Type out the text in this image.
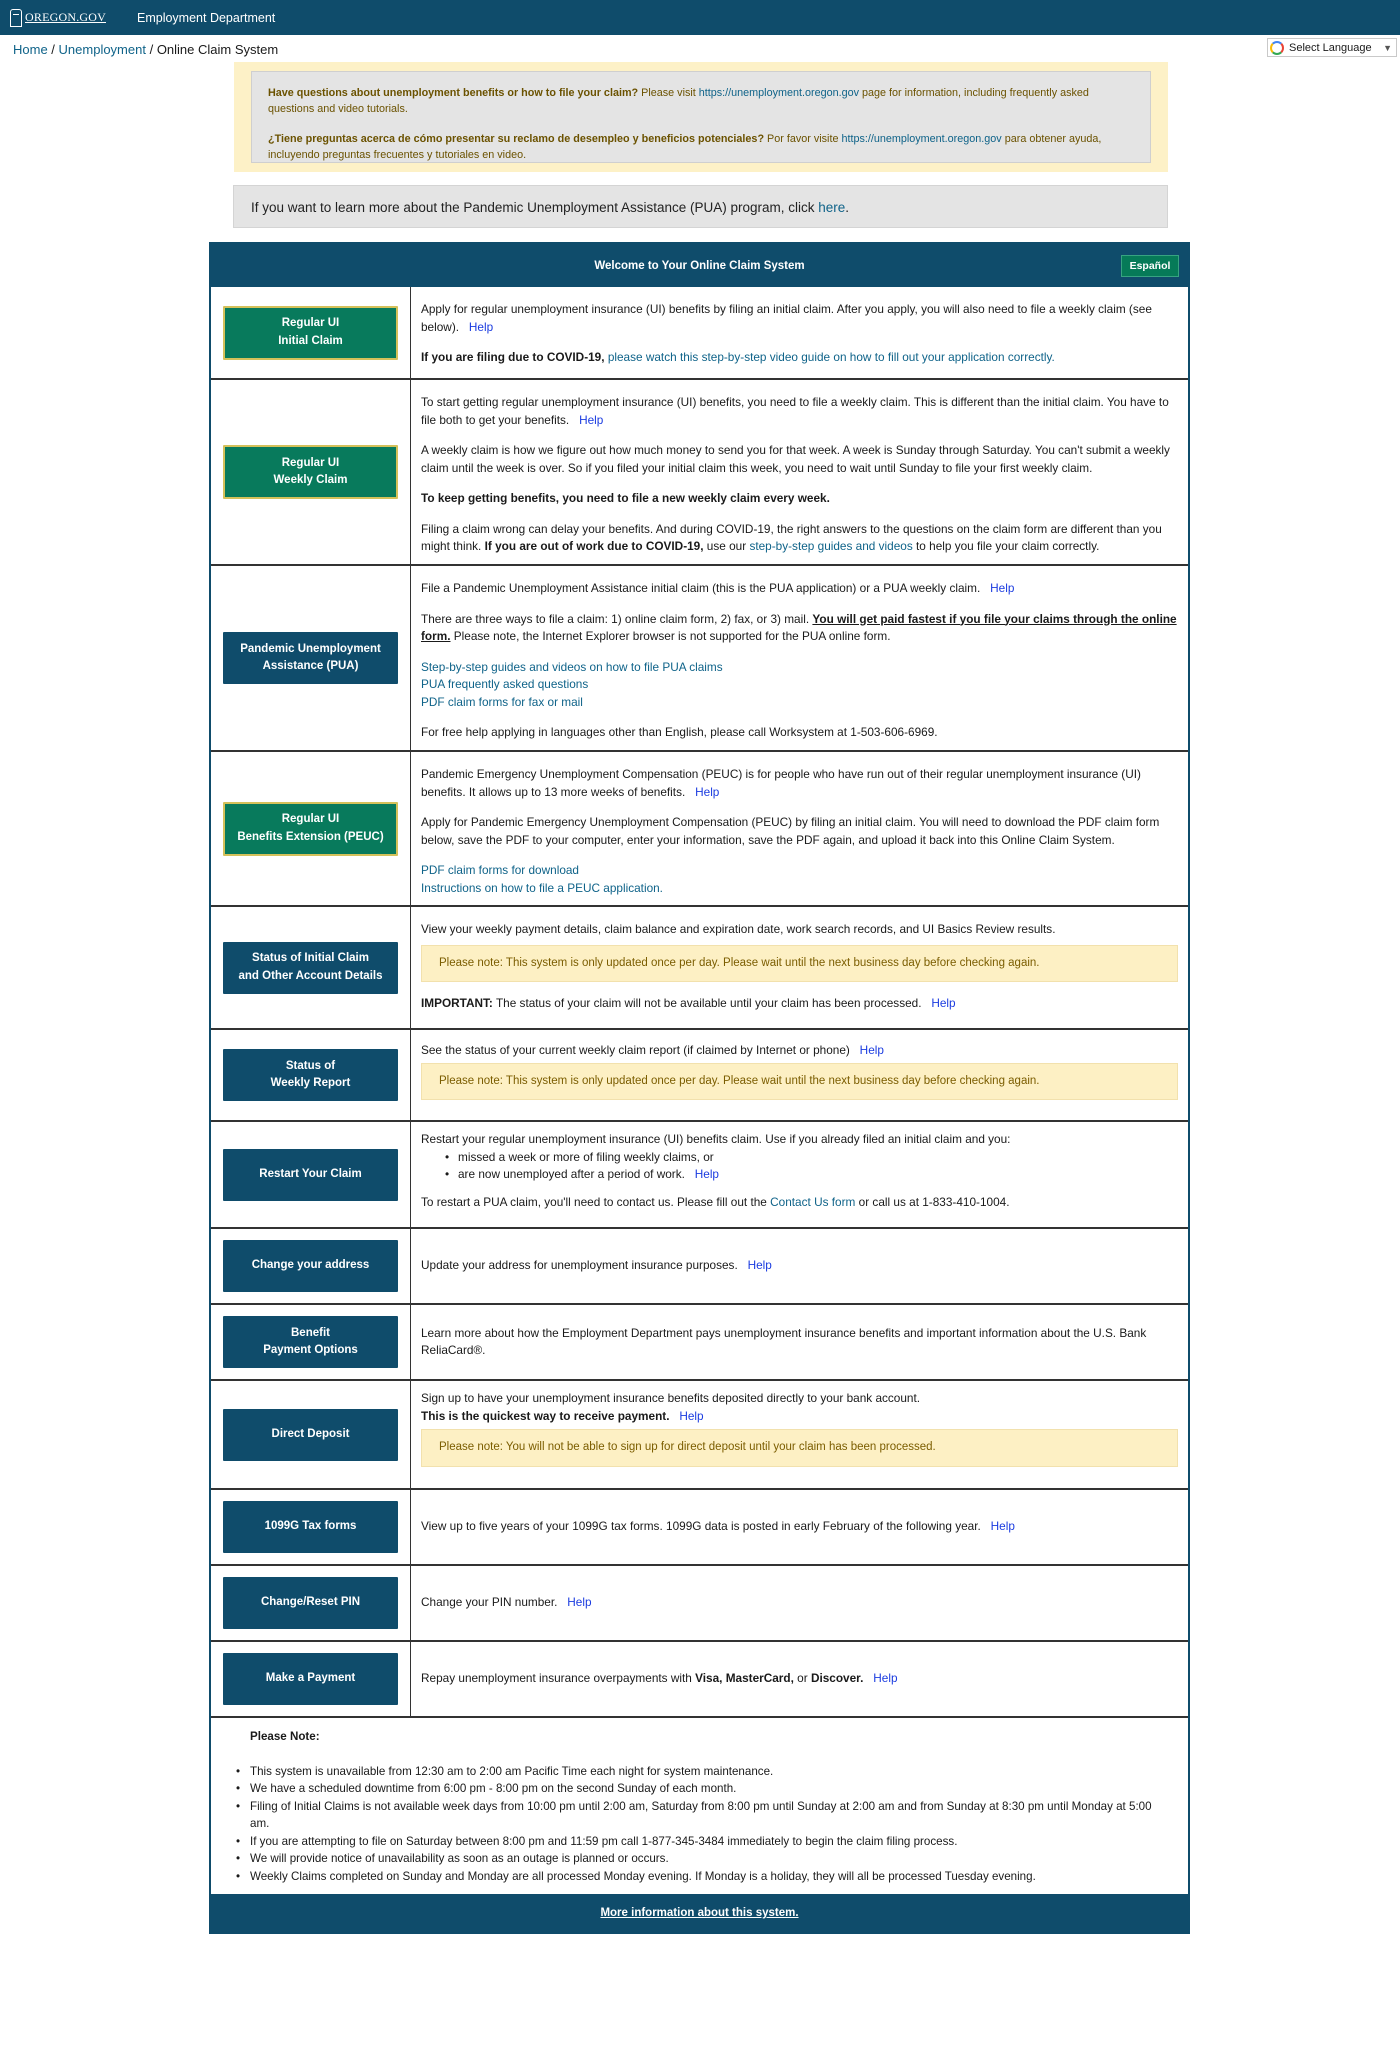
OREGON.GOV Employment Department
Home / Unemployment / Online Claim System	Select Language ▼

Have questions about unemployment benefits or how to file your claim? Please visit https://unemployment.oregon.gov page for information, including frequently asked questions and video tutorials.

¿Tiene preguntas acerca de cómo presentar su reclamo de desempleo y beneficios potenciales? Por favor visite https://unemployment.oregon.gov para obtener ayuda, incluyendo preguntas frecuentes y tutoriales en video.

If you want to learn more about the Pandemic Unemployment Assistance (PUA) program, click here.
Welcome to Your Online Claim System	Español
Regular UI
Initial Claim

Apply for regular unemployment insurance (UI) benefits by filing an initial claim. After you apply, you will also need to file a weekly claim (see below). Help

If you are filing due to COVID-19, please watch this step-by-step video guide on how to fill out your application correctly.

Regular UI
Weekly Claim

To start getting regular unemployment insurance (UI) benefits, you need to file a weekly claim. This is different than the initial claim. You have to file both to get your benefits. Help

A weekly claim is how we figure out how much money to send you for that week. A week is Sunday through Saturday. You can't submit a weekly claim until the week is over. So if you filed your initial claim this week, you need to wait until Sunday to file your first weekly claim.

To keep getting benefits, you need to file a new weekly claim every week.

Filing a claim wrong can delay your benefits. And during COVID-19, the right answers to the questions on the claim form are different than you might think. If you are out of work due to COVID-19, use our step-by-step guides and videos to help you file your claim correctly.

Pandemic Unemployment
Assistance (PUA)

File a Pandemic Unemployment Assistance initial claim (this is the PUA application) or a PUA weekly claim. Help

There are three ways to file a claim: 1) online claim form, 2) fax, or 3) mail. You will get paid fastest if you file your claims through the online form. Please note, the Internet Explorer browser is not supported for the PUA online form.

Step-by-step guides and videos on how to file PUA claims
PUA frequently asked questions
PDF claim forms for fax or mail

For free help applying in languages other than English, please call Worksystem at 1-503-606-6969.

Regular UI
Benefits Extension (PEUC)

Pandemic Emergency Unemployment Compensation (PEUC) is for people who have run out of their regular unemployment insurance (UI) benefits. It allows up to 13 more weeks of benefits. Help

Apply for Pandemic Emergency Unemployment Compensation (PEUC) by filing an initial claim. You will need to download the PDF claim form below, save the PDF to your computer, enter your information, save the PDF again, and upload it back into this Online Claim System.

PDF claim forms for download
Instructions on how to file a PEUC application.

Status of Initial Claim
and Other Account Details

View your weekly payment details, claim balance and expiration date, work search records, and UI Basics Review results.

Please note: This system is only updated once per day. Please wait until the next business day before checking again.

IMPORTANT: The status of your claim will not be available until your claim has been processed. Help

Status of
Weekly Report

See the status of your current weekly claim report (if claimed by Internet or phone) Help

Please note: This system is only updated once per day. Please wait until the next business day before checking again.
Restart Your Claim

Restart your regular unemployment insurance (UI) benefits claim. Use if you already filed an initial claim and you:

• missed a week or more of filing weekly claims, or
• are now unemployed after a period of work. Help

To restart a PUA claim, you'll need to contact us. Please fill out the Contact Us form or call us at 1-833-410-1004.

Change your address	Update your address for unemployment insurance purposes. Help

Benefit
Payment Options

Learn more about how the Employment Department pays unemployment insurance benefits and important information about the U.S. Bank ReliaCard®.

Direct Deposit

Sign up to have your unemployment insurance benefits deposited directly to your bank account.

This is the quickest way to receive payment. Help

Please note: You will not be able to sign up for direct deposit until your claim has been processed.
1099G Tax forms	View up to five years of your 1099G tax forms. 1099G data is posted in early February of the following year. Help

Change/Reset PIN	Change your PIN number. Help

Make a Payment	Repay unemployment insurance overpayments with Visa, MasterCard, or Discover. Help

Please Note:
• This system is unavailable from 12:30 am to 2:00 am Pacific Time each night for system maintenance.
• We have a scheduled downtime from 6:00 pm - 8:00 pm on the second Sunday of each month.
• Filing of Initial Claims is not available week days from 10:00 pm until 2:00 am, Saturday from 8:00 pm until Sunday at 2:00 am and from Sunday at 8:30 pm until Monday at 5:00 am.
• If you are attempting to file on Saturday between 8:00 pm and 11:59 pm call 1-877-345-3484 immediately to begin the claim filing process.
• We will provide notice of unavailability as soon as an outage is planned or occurs.
• Weekly Claims completed on Sunday and Monday are all processed Monday evening. If Monday is a holiday, they will all be processed Tuesday evening.
More information about this system.
